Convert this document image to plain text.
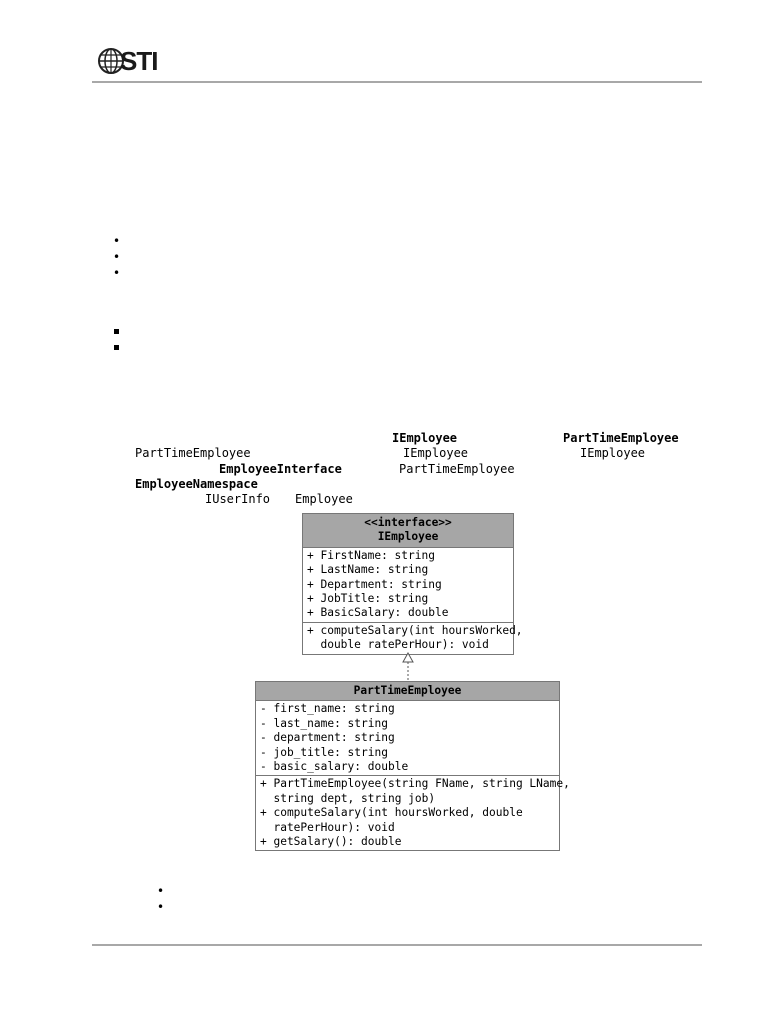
STI
•
•
•
IEmployee	PartTimeEmployee
PartTimeEmployee	IEmployee	IEmployee
EmployeeInterface	PartTimeEmployee
EmployeeNamespace
IUserInfo Employee
<<interface>>
IEmployee
+ FirstName: string
+ LastName: string
+ Department: string
+ JobTitle: string
+ BasicSalary: double
+ computeSalary(int hoursWorked,
double ratePerHour): void
PartTimeEmployee
- first_name: string
- last_name: string
- department: string
- job_title: string
- basic_salary: double
+ PartTimeEmployee(string FName, string LName,
string dept, string job)
+ computeSalary(int hoursWorked, double
ratePerHour): void
+ getSalary(): double
•
•
